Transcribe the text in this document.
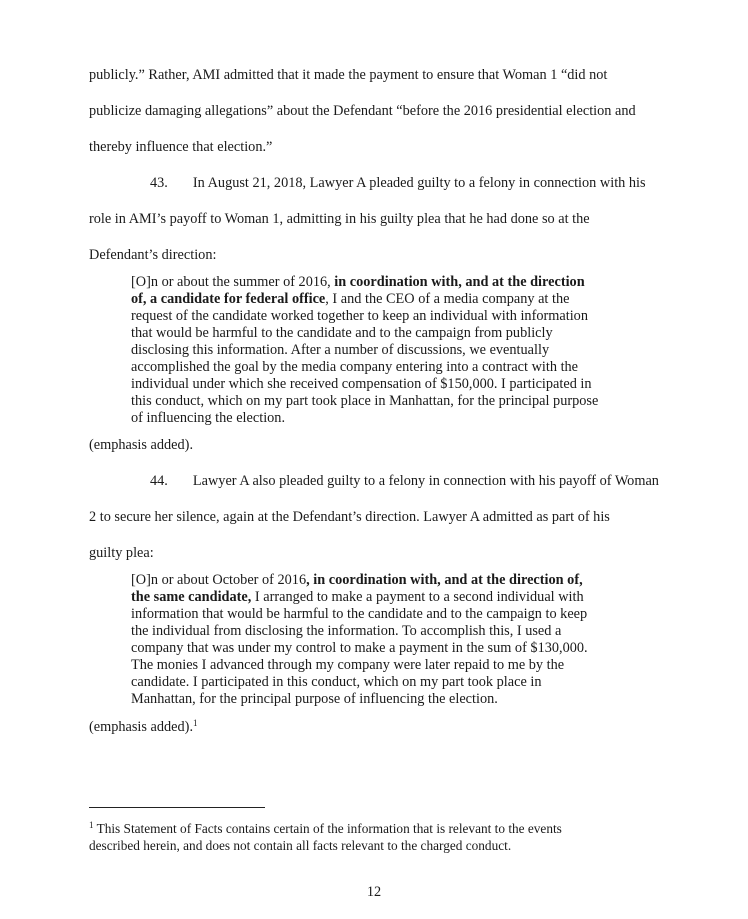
publicly.” Rather, AMI admitted that it made the payment to ensure that Woman 1 “did not
publicize damaging allegations” about the Defendant “before the 2016 presidential election and
thereby influence that election.”
43. In August 21, 2018, Lawyer A pleaded guilty to a felony in connection with his
role in AMI’s payoff to Woman 1, admitting in his guilty plea that he had done so at the
Defendant’s direction:
[O]n or about the summer of 2016, in coordination with, and at the direction
of, a candidate for federal office, I and the CEO of a media company at the
request of the candidate worked together to keep an individual with information
that would be harmful to the candidate and to the campaign from publicly
disclosing this information. After a number of discussions, we eventually
accomplished the goal by the media company entering into a contract with the
individual under which she received compensation of $150,000. I participated in
this conduct, which on my part took place in Manhattan, for the principal purpose
of influencing the election.
(emphasis added).
44. Lawyer A also pleaded guilty to a felony in connection with his payoff of Woman
2 to secure her silence, again at the Defendant’s direction. Lawyer A admitted as part of his
guilty plea:
[O]n or about October of 2016, in coordination with, and at the direction of,
the same candidate, I arranged to make a payment to a second individual with
information that would be harmful to the candidate and to the campaign to keep
the individual from disclosing the information. To accomplish this, I used a
company that was under my control to make a payment in the sum of $130,000.
The monies I advanced through my company were later repaid to me by the
candidate. I participated in this conduct, which on my part took place in
Manhattan, for the principal purpose of influencing the election.
(emphasis added).$^1$
$^1$ This Statement of Facts contains certain of the information that is relevant to the events
described herein, and does not contain all facts relevant to the charged conduct.
12
